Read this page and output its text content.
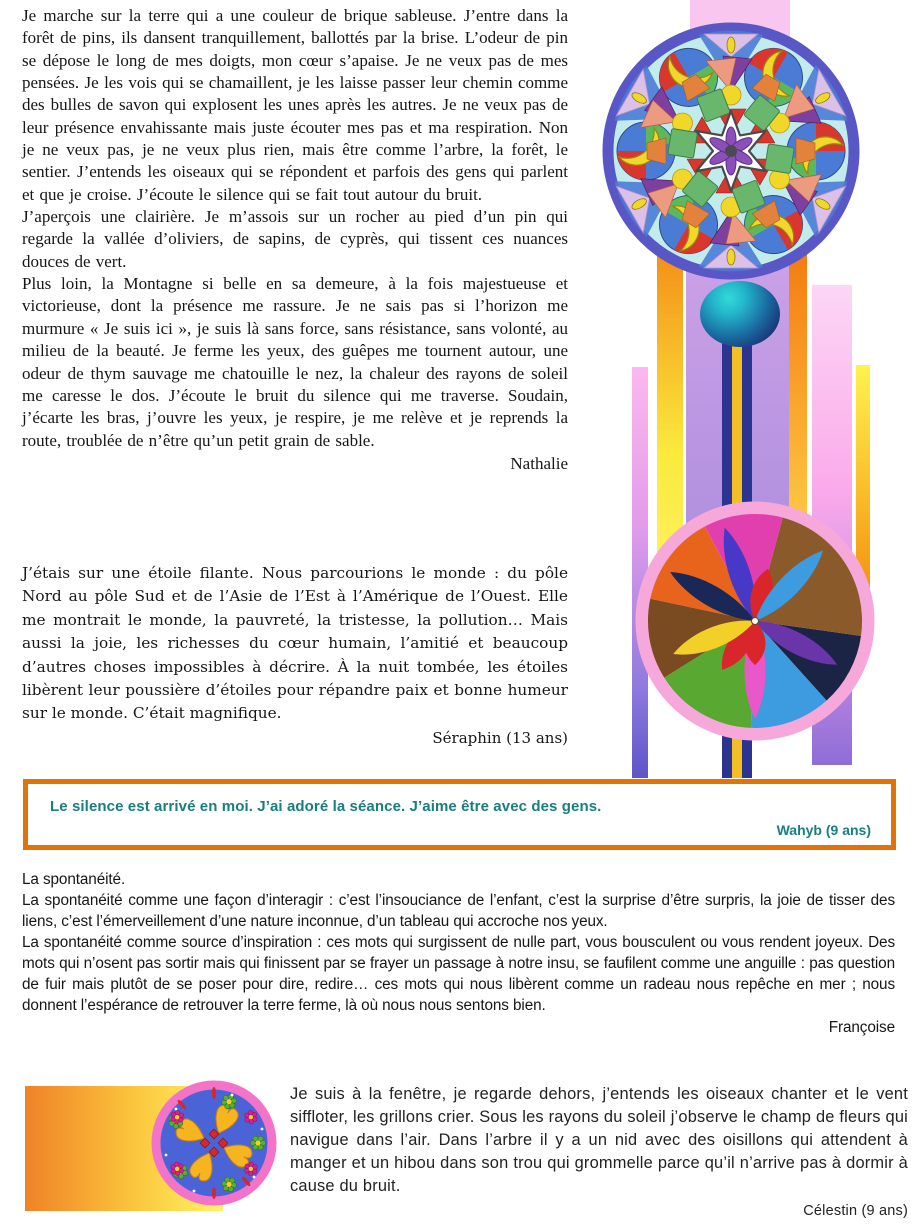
Je marche sur la terre qui a une couleur de brique sableuse. J’entre dans la forêt de pins, ils dansent tranquillement, ballottés par la brise. L’odeur de pin se dépose le long de mes doigts, mon cœur s’apaise. Je ne veux pas de mes pensées. Je les vois qui se chamaillent, je les laisse passer leur chemin comme des bulles de savon qui explosent les unes après les autres. Je ne veux pas de leur présence envahissante mais juste écouter mes pas et ma respiration. Non je ne veux pas, je ne veux plus rien, mais être comme l’arbre, la forêt, le sentier. J’entends les oiseaux qui se répondent et parfois des gens qui parlent et que je croise. J’écoute le silence qui se fait tout autour du bruit.

J’aperçois une clairière. Je m’assois sur un rocher au pied d’un pin qui regarde la vallée d’oliviers, de sapins, de cyprès, qui tissent ces nuances douces de vert.

Plus loin, la Montagne si belle en sa demeure, à la fois majestueuse et victorieuse, dont la présence me rassure. Je ne sais pas si l’horizon me murmure « Je suis ici », je suis là sans force, sans résistance, sans volonté, au milieu de la beauté. Je ferme les yeux, des guêpes me tournent autour, une odeur de thym sauvage me chatouille le nez, la chaleur des rayons de soleil me caresse le dos. J’écoute le bruit du silence qui me traverse. Soudain, j’écarte les bras, j’ouvre les yeux, je respire, je me relève et je reprends la route, troublée de n’être qu’un petit grain de sable.

Nathalie

J’étais sur une étoile filante. Nous parcourions le monde : du pôle Nord au pôle Sud et de l’Asie de l’Est à l’Amérique de l’Ouest. Elle me montrait le monde, la pauvreté, la tristesse, la pollution… Mais aussi la joie, les richesses du cœur humain, l’amitié et beaucoup d’autres choses impossibles à décrire. À la nuit tombée, les étoiles libèrent leur poussière d’étoiles pour répandre paix et bonne humeur sur le monde. C’était magnifique.

Séraphin (13 ans)
Le silence est arrivé en moi. J’ai adoré la séance. J’aime être avec des gens.
Wahyb (9 ans)

La spontanéité.

La spontanéité comme une façon d’interagir : c’est l’insouciance de l’enfant, c’est la surprise d’être surpris, la joie de tisser des liens, c’est l’émerveillement d’une nature inconnue, d’un tableau qui accroche nos yeux.

La spontanéité comme source d’inspiration : ces mots qui surgissent de nulle part, vous bousculent ou vous rendent joyeux. Des mots qui n’osent pas sortir mais qui finissent par se frayer un passage à notre insu, se faufilent comme une anguille : pas question de fuir mais plutôt de se poser pour dire, redire… ces mots qui nous libèrent comme un radeau nous repêche en mer ; nous donnent l’espérance de retrouver la terre ferme, là où nous nous sentons bien.

Françoise

Je suis à la fenêtre, je regarde dehors, j’entends les oiseaux chanter et le vent siffloter, les grillons crier. Sous les rayons du soleil j’observe le champ de fleurs qui navigue dans l’air. Dans l’arbre il y a un nid avec des oisillons qui attendent à manger et un hibou dans son trou qui grommelle parce qu’il n’arrive pas à dormir à cause du bruit.

Célestin (9 ans)
